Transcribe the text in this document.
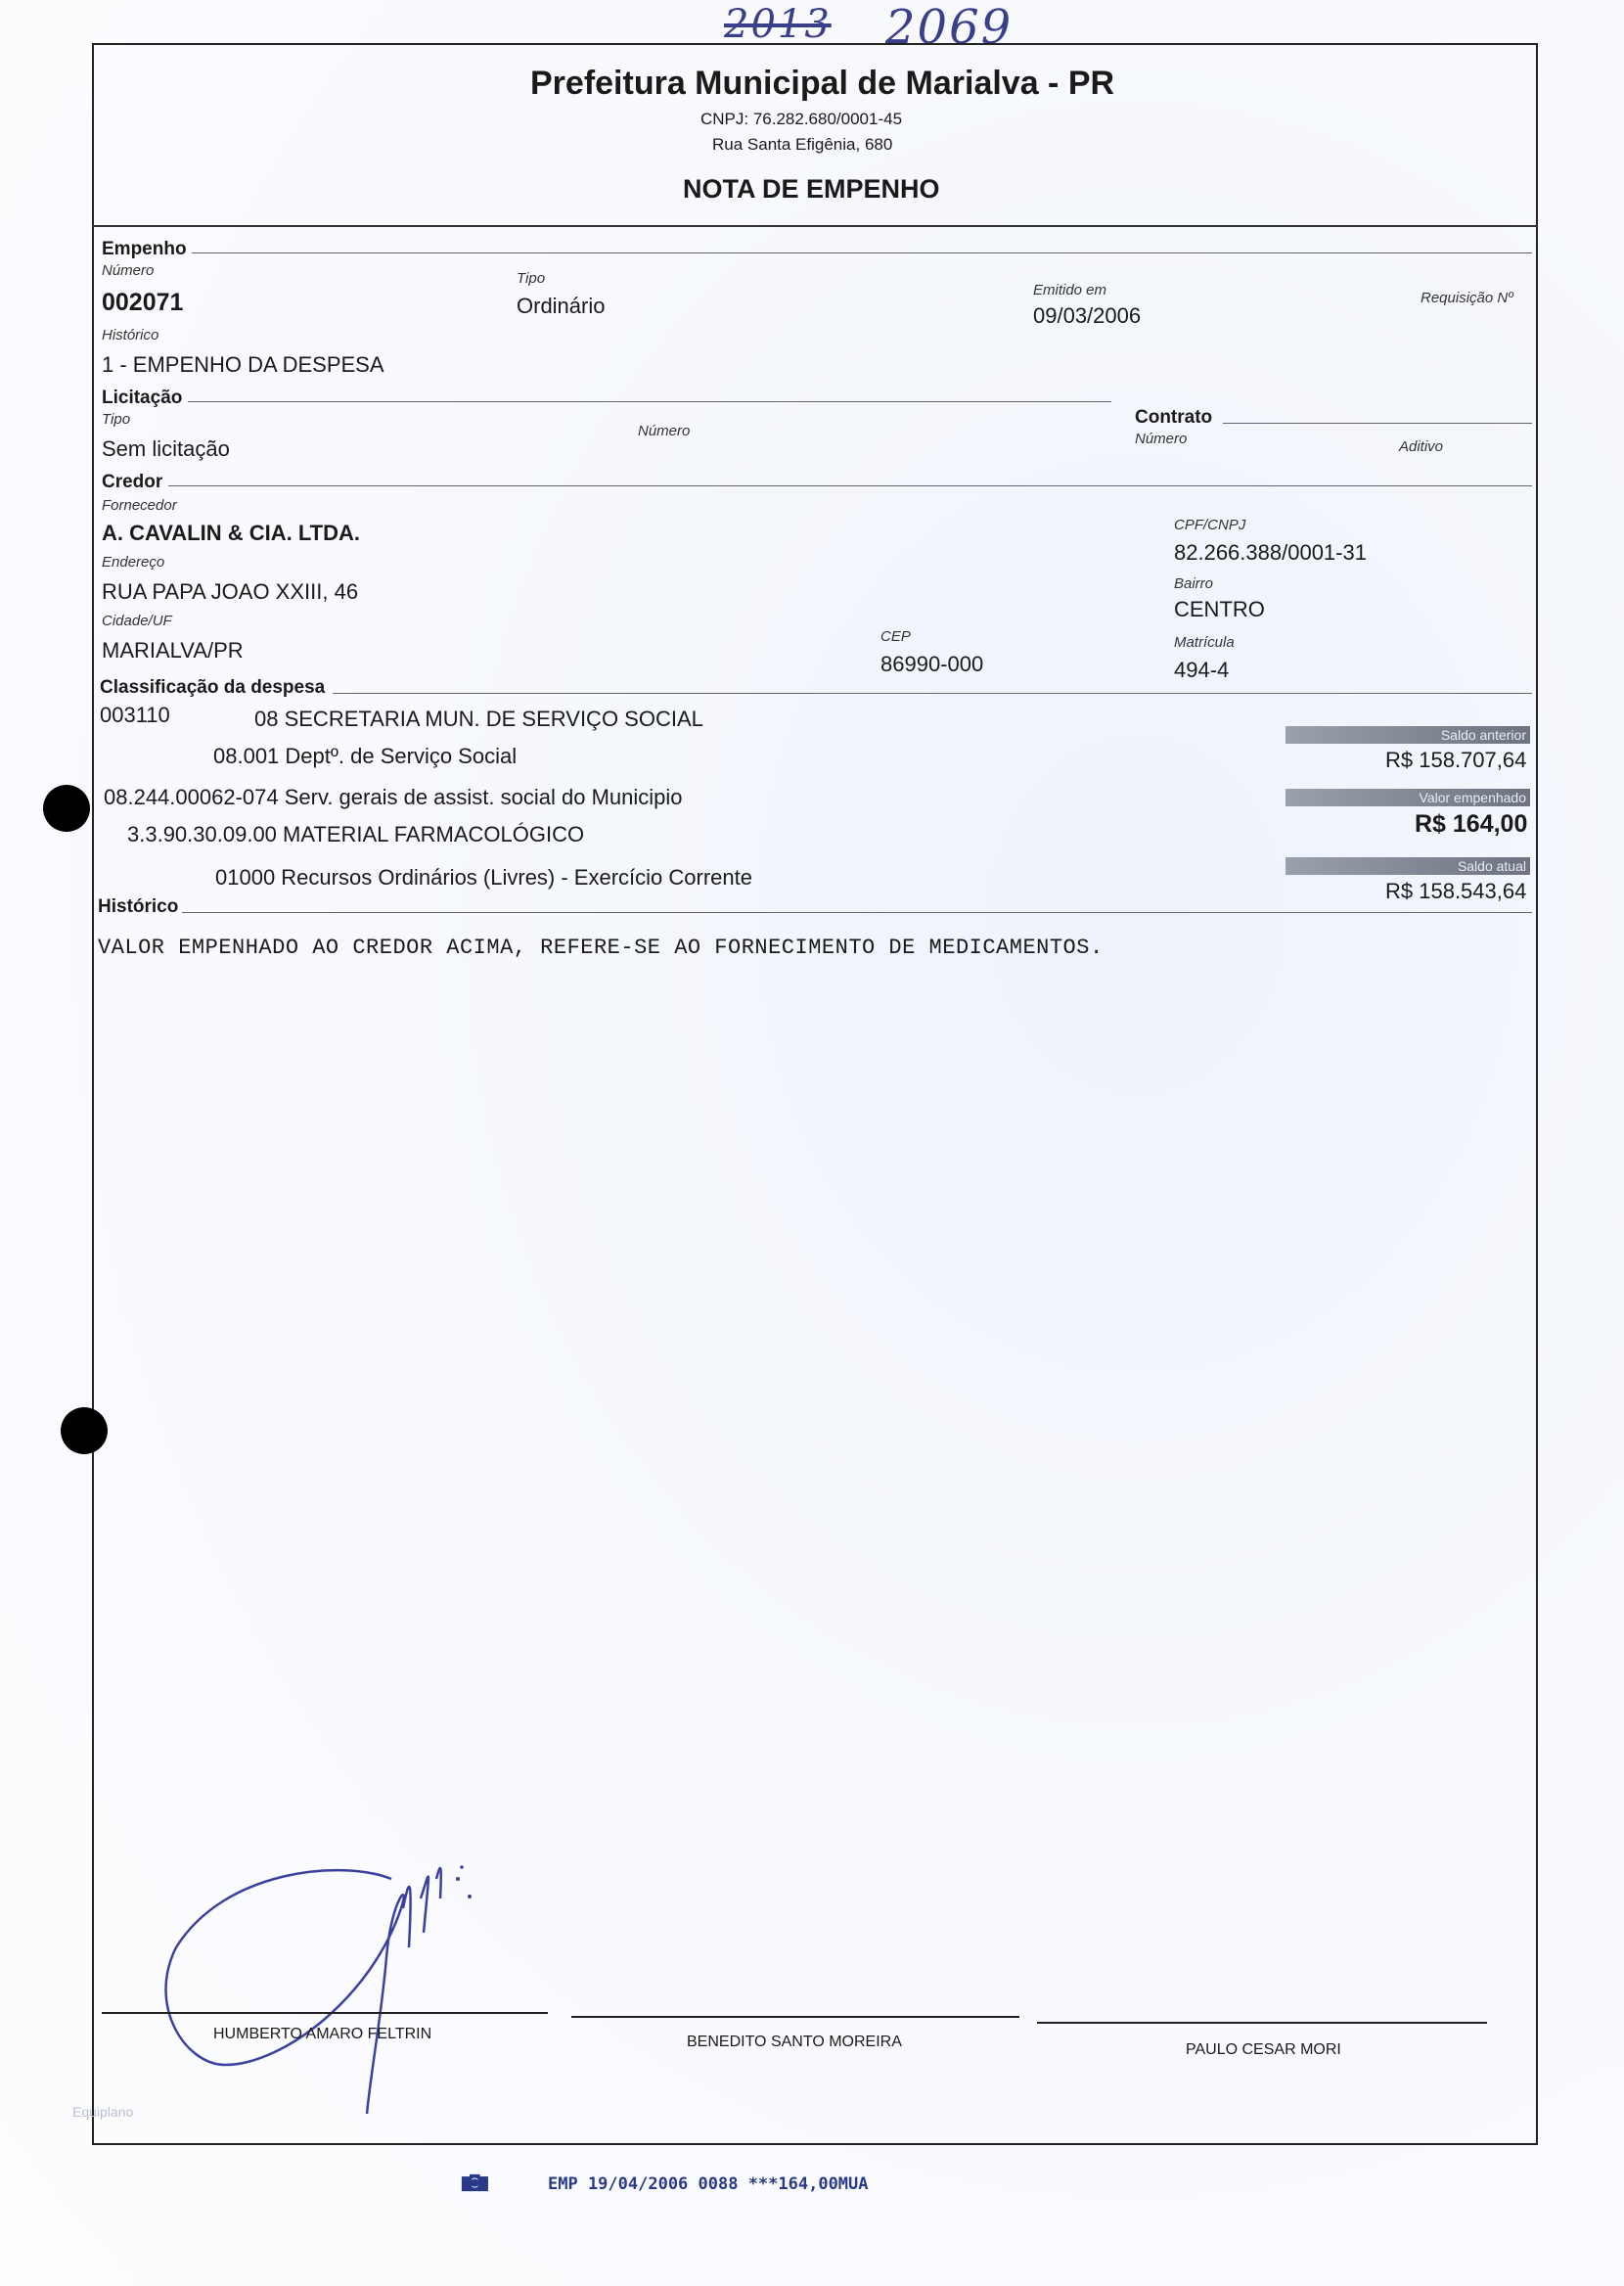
2013 2069
Prefeitura Municipal de Marialva - PR
CNPJ: 76.282.680/0001-45
Rua Santa Efigênia, 680
NOTA DE EMPENHO
Empenho
Número
002071
Tipo
Ordinário
Emitido em
09/03/2006
Requisição Nº
Histórico
1 - EMPENHO DA DESPESA
Licitação
Tipo
Sem licitação
Número
Contrato
Número	Aditivo
Credor
Fornecedor
A. CAVALIN & CIA. LTDA.	CPF/CNPJ
82.266.388/0001-31
Endereço
RUA PAPA JOAO XXIII, 46	Bairro
CENTRO
Cidade/UF
MARIALVA/PR
CEP
86990-000
Matrícula
494-4
Classificação da despesa
003110	08 SECRETARIA MUN. DE SERVIÇO SOCIAL
08.001 Deptº. de Serviço Social
08.244.00062-074 Serv. gerais de assist. social do Municipio
3.3.90.30.09.00 MATERIAL FARMACOLÓGICO
01000 Recursos Ordinários (Livres) - Exercício Corrente
Saldo anterior
R$ 158.707,64
Valor empenhado
R$ 164,00
Saldo atual
R$ 158.543,64
Histórico
VALOR EMPENHADO AO CREDOR ACIMA, REFERE-SE AO FORNECIMENTO DE MEDICAMENTOS.
HUMBERTO AMARO FELTRIN	BENEDITO SANTO MOREIRA	PAULO CESAR MORI
Equiplano
▆◙▆	EMP 19/04/2006 0088 ***164,00MUA
